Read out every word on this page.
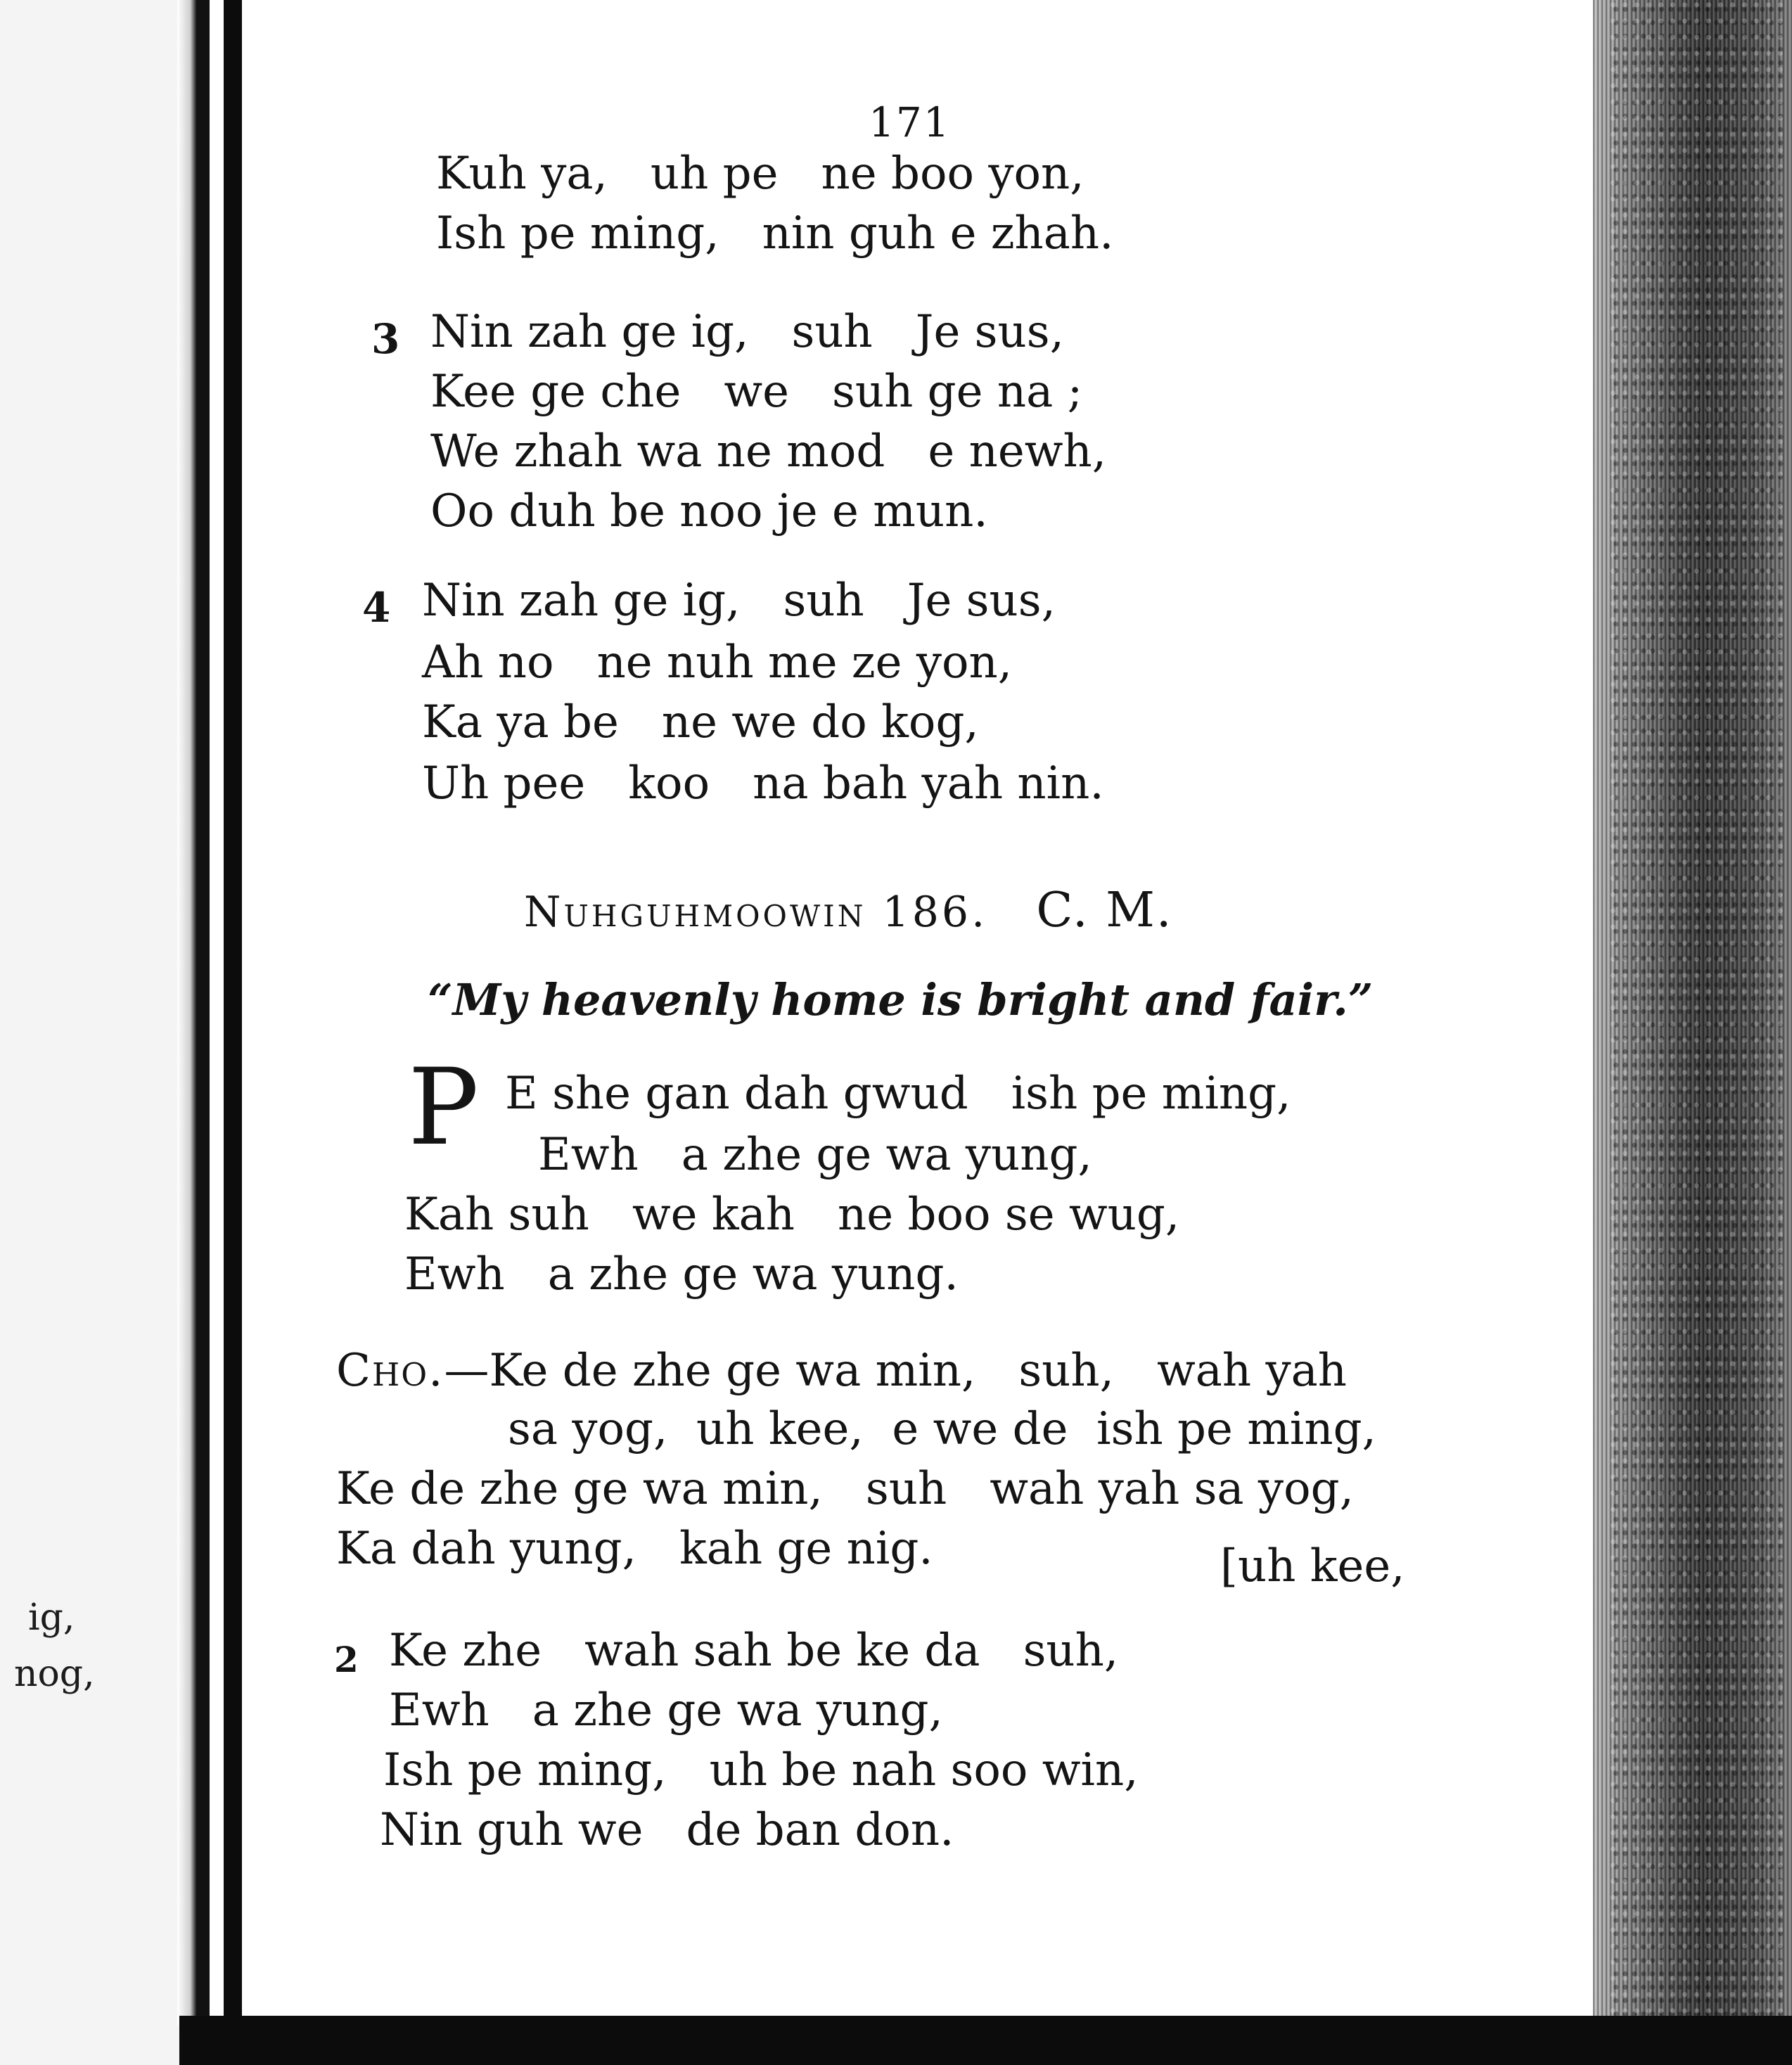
ig,
nog,
171
Kuh ya,   uh pe   ne boo yon,
Ish pe ming,   nin guh e zhah.
3 Nin zah ge ig,   suh   Je sus,
Kee ge che   we   suh ge na ;
We zhah wa ne mod   e newh,
Oo duh be noo je e mun.
4 Nin zah ge ig,   suh   Je sus,
Ah no   ne nuh me ze yon,
Ka ya be   ne we do kog,
Uh pee   koo   na bah yah nin.
Nuhguhmoowin 186. C. M.
“My heavenly home is bright and fair.”
P E she gan dah gwud   ish pe ming,
Ewh   a zhe ge wa yung,
Kah suh   we kah   ne boo se wug,
Ewh   a zhe ge wa yung.
Cho.—Ke de zhe ge wa min,   suh,   wah yah
sa yog,  uh kee,  e we de  ish pe ming,
Ke de zhe ge wa min,   suh   wah yah sa yog,
Ka dah yung,   kah ge nig.	[uh kee,
2 Ke zhe   wah sah be ke da   suh,
Ewh   a zhe ge wa yung,
Ish pe ming,   uh be nah soo win,
Nin guh we   de ban don.
